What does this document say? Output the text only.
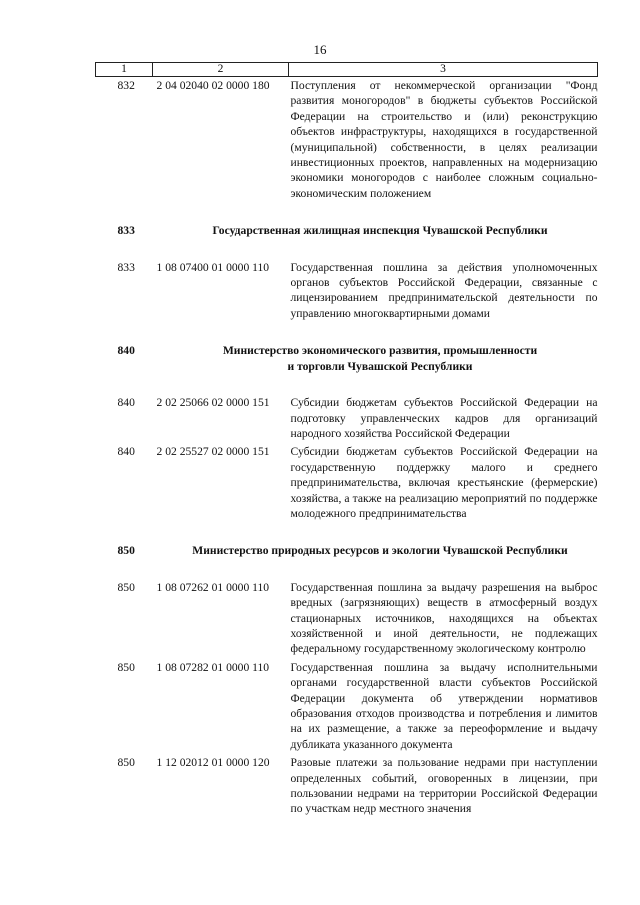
16
1	2	3
832	2 04 02040 02 0000 180	Поступления от некоммерческой организации "Фонд развития моногородов" в бюджеты субъектов Российской Федерации на строительство и (или) реконструкцию объектов инфраструктуры, находящихся в государственной (муниципальной) собственности, в целях реализации инвестиционных проектов, направленных на модернизацию экономики моногородов с наиболее сложным социально-экономическим положением

833	Государственная жилищная инспекция Чувашской Республики	

833	1 08 07400 01 0000 110	Государственная пошлина за действия уполномоченных органов субъектов Российской Федерации, связанные с лицензированием предпринимательской деятельности по управлению многоквартирными домами

840	Министерство экономического развития, промышленности и торговли Чувашской Республики	

840	2 02 25066 02 0000 151	Субсидии бюджетам субъектов Российской Федерации на подготовку управленческих кадров для организаций народного хозяйства Российской Федерации
840	2 02 25527 02 0000 151	Субсидии бюджетам субъектов Российской Федерации на государственную поддержку малого и среднего предпринимательства, включая крестьянские (фермерские) хозяйства, а также на реализацию мероприятий по поддержке молодежного предпринимательства

850	Министерство природных ресурсов и экологии Чувашской Республики	

850	1 08 07262 01 0000 110	Государственная пошлина за выдачу разрешения на выброс вредных (загрязняющих) веществ в атмосферный воздух стационарных источников, находящихся на объектах хозяйственной и иной деятельности, не подлежащих федеральному государственному экологическому контролю
850	1 08 07282 01 0000 110	Государственная пошлина за выдачу исполнительными органами государственной власти субъектов Российской Федерации документа об утверждении нормативов образования отходов производства и потребления и лимитов на их размещение, а также за переоформление и выдачу дубликата указанного документа
850	1 12 02012 01 0000 120	Разовые платежи за пользование недрами при наступлении определенных событий, оговоренных в лицензии, при пользовании недрами на территории Российской Федерации по участкам недр местного значения
